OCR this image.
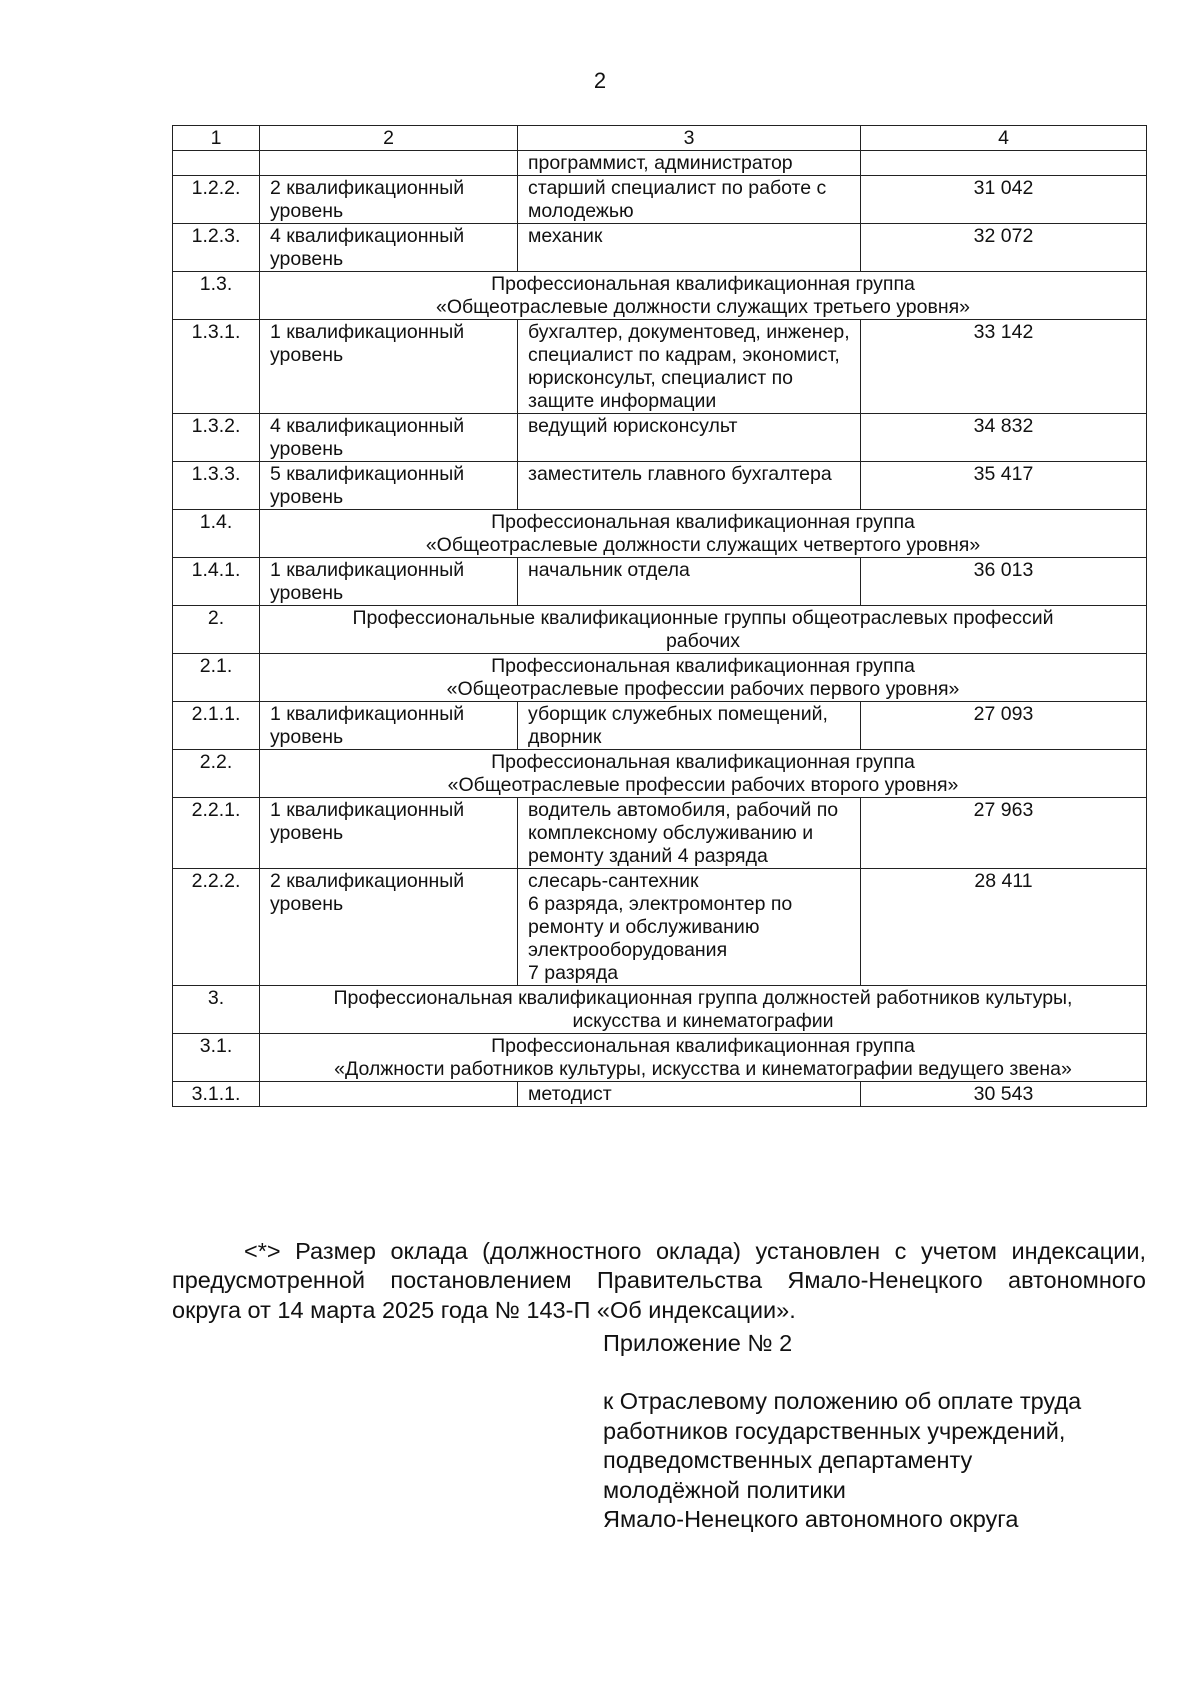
2
1	2	3	4
		программист, администратор	
1.2.2.	2 квалификационный уровень	старший специалист по работе с молодежью	31 042
1.2.3.	4 квалификационный уровень	механик	32 072
1.3.	Профессиональная квалификационная группа
«Общеотраслевые должности служащих третьего уровня»		

1.3.1.	1 квалификационный уровень	бухгалтер, документовед, инженер, специалист по кадрам, экономист, юрисконсульт, специалист по защите информации	33 142
1.3.2.	4 квалификационный уровень	ведущий юрисконсульт	34 832
1.3.3.	5 квалификационный уровень	заместитель главного бухгалтера	35 417
1.4.	Профессиональная квалификационная группа
«Общеотраслевые должности служащих четвертого уровня»		

1.4.1.	1 квалификационный уровень	начальник отдела	36 013
2.	Профессиональные квалификационные группы общеотраслевых профессий
рабочих		

2.1.	Профессиональная квалификационная группа
«Общеотраслевые профессии рабочих первого уровня»		

2.1.1.	1 квалификационный уровень	уборщик служебных помещений, дворник	27 093
2.2.	Профессиональная квалификационная группа
«Общеотраслевые профессии рабочих второго уровня»		

2.2.1.	1 квалификационный уровень	водитель автомобиля, рабочий по комплексному обслуживанию и ремонту зданий 4 разряда	27 963
2.2.2.	2 квалификационный уровень	слесарь-сантехник
6 разряда, электромонтер по ремонту и обслуживанию электрооборудования
7 разряда	28 411
3.	Профессиональная квалификационная группа должностей работников культуры,
искусства и кинематографии		

3.1.	Профессиональная квалификационная группа
«Должности работников культуры, искусства и кинематографии ведущего звена»		

3.1.1.		методист	30 543

<*> Размер оклада (должностного оклада) установлен с учетом индексации, предусмотренной постановлением Правительства Ямало-Ненецкого автономного округа от 14 марта 2025 года № 143-П «Об индексации».

Приложение № 2
к Отраслевому положению об оплате труда
работников государственных учреждений,
подведомственных департаменту
молодёжной политики
Ямало-Ненецкого автономного округа
